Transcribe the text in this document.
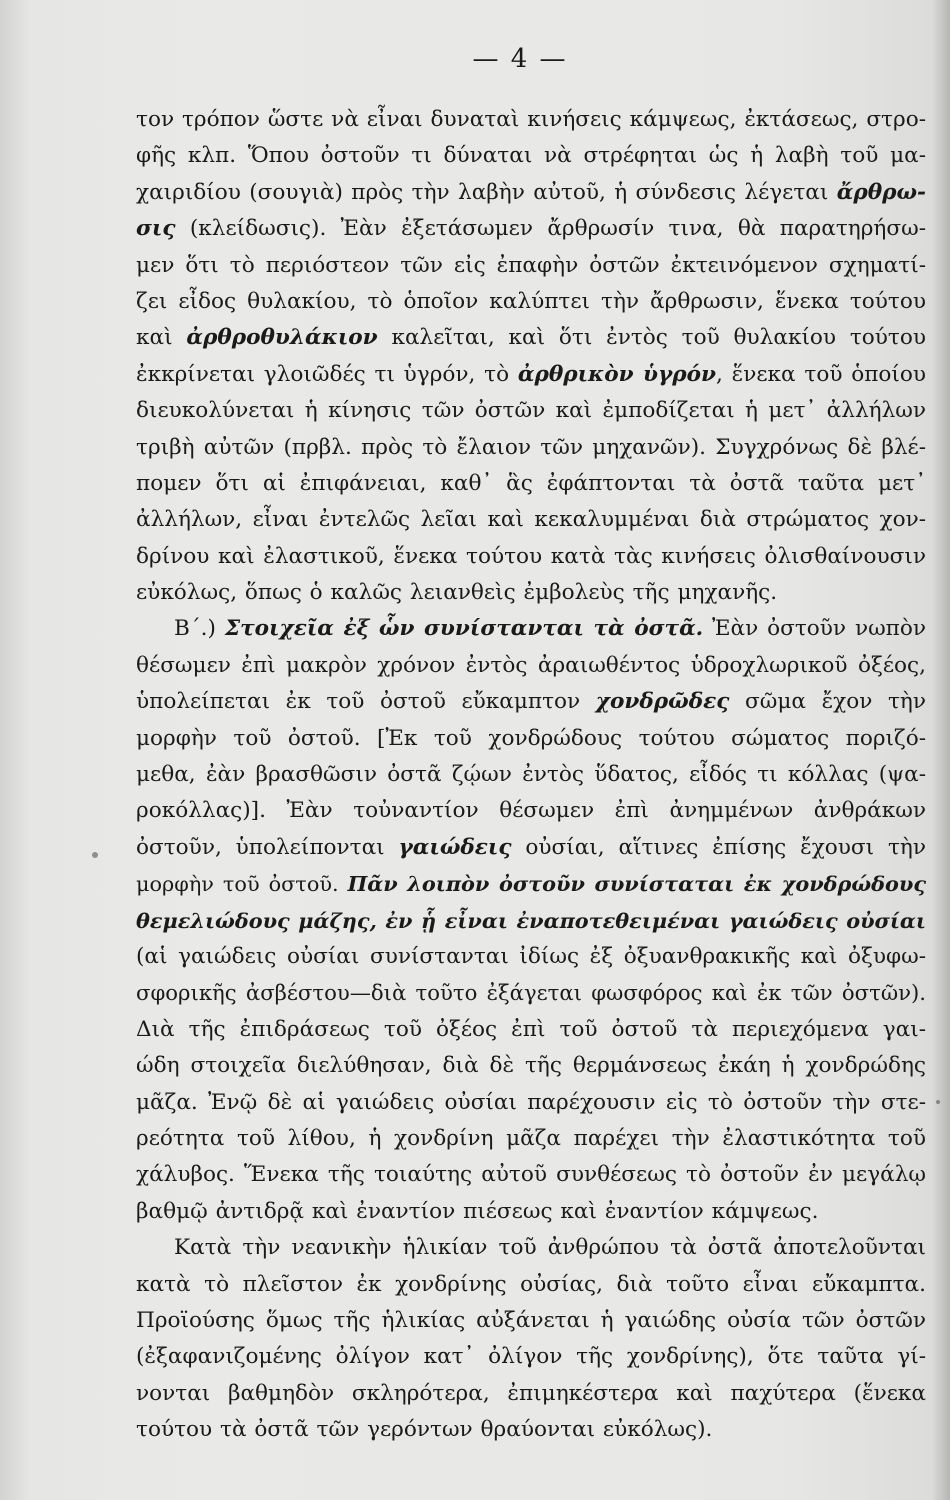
— 4 —
τον τρόπον ὥστε νὰ εἶναι δυναταὶ κινήσεις κάμψεως, ἐκτάσεως, στρο-
φῆς κλπ. Ὅπου ὀστοῦν τι δύναται νὰ στρέφηται ὡς ἡ λαβὴ τοῦ μα-
χαιριδίου (σουγιὰ) πρὸς τὴν λαβὴν αὐτοῦ, ἡ σύνδεσις λέγεται ἄρθρω-
σις (κλείδωσις). Ἐὰν ἐξετάσωμεν ἄρθρωσίν τινα, θὰ παρατηρήσω-
μεν ὅτι τὸ περιόστεον τῶν εἰς ἐπαφὴν ὀστῶν ἐκτεινόμενον σχηματί-
ζει εἶδος θυλακίου, τὸ ὁποῖον καλύπτει τὴν ἄρθρωσιν, ἕνεκα τούτου
καὶ ἀρθροθυλάκιον καλεῖται, καὶ ὅτι ἐντὸς τοῦ θυλακίου τούτου
ἐκκρίνεται γλοιῶδές τι ὑγρόν, τὸ ἀρθρικὸν ὑγρόν, ἕνεκα τοῦ ὁποίου
διευκολύνεται ἡ κίνησις τῶν ὀστῶν καὶ ἐμποδίζεται ἡ μετ᾽ ἀλλήλων
τριβὴ αὐτῶν (πρβλ. πρὸς τὸ ἔλαιον τῶν μηχανῶν). Συγχρόνως δὲ βλέ-
πομεν ὅτι αἱ ἐπιφάνειαι, καθ᾽ ἃς ἐφάπτονται τὰ ὀστᾶ ταῦτα μετ᾽
ἀλλήλων, εἶναι ἐντελῶς λεῖαι καὶ κεκαλυμμέναι διὰ στρώματος χον-
δρίνου καὶ ἐλαστικοῦ, ἕνεκα τούτου κατὰ τὰς κινήσεις ὀλισθαίνουσιν
εὐκόλως, ὅπως ὁ καλῶς λειανθεὶς ἐμβολεὺς τῆς μηχανῆς.
Β΄.) Στοιχεῖα ἐξ ὧν συνίστανται τὰ ὀστᾶ. Ἐὰν ὀστοῦν νωπὸν
θέσωμεν ἐπὶ μακρὸν χρόνον ἐντὸς ἀραιωθέντος ὑδροχλωρικοῦ ὀξέος,
ὑπολείπεται ἐκ τοῦ ὀστοῦ εὔκαμπτον χονδρῶδες σῶμα ἔχον τὴν
μορφὴν τοῦ ὀστοῦ. [Ἐκ τοῦ χονδρώδους τούτου σώματος ποριζό-
μεθα, ἐὰν βρασθῶσιν ὀστᾶ ζῴων ἐντὸς ὕδατος, εἶδός τι κόλλας (ψα-
ροκόλλας)]. Ἐὰν τοὐναντίον θέσωμεν ἐπὶ ἀνημμένων ἀνθράκων
ὀστοῦν, ὑπολείπονται γαιώδεις οὐσίαι, αἵτινες ἐπίσης ἔχουσι τὴν
μορφὴν τοῦ ὀστοῦ. Πᾶν λοιπὸν ὀστοῦν συνίσταται ἐκ χονδρώδους
θεμελιώδους μάζης, ἐν ᾗ εἶναι ἐναποτεθειμέναι γαιώδεις οὐσίαι
(αἱ γαιώδεις οὐσίαι συνίστανται ἰδίως ἐξ ὀξυανθρακικῆς καὶ ὀξυφω-
σφορικῆς ἀσβέστου—διὰ τοῦτο ἐξάγεται φωσφόρος καὶ ἐκ τῶν ὀστῶν).
Διὰ τῆς ἐπιδράσεως τοῦ ὀξέος ἐπὶ τοῦ ὀστοῦ τὰ περιεχόμενα γαι-
ώδη στοιχεῖα διελύθησαν, διὰ δὲ τῆς θερμάνσεως ἐκάη ἡ χονδρώδης
μᾶζα. Ἐνῷ δὲ αἱ γαιώδεις οὐσίαι παρέχουσιν εἰς τὸ ὀστοῦν τὴν στε-
ρεότητα τοῦ λίθου, ἡ χονδρίνη μᾶζα παρέχει τὴν ἐλαστικότητα τοῦ
χάλυβος. Ἕνεκα τῆς τοιαύτης αὐτοῦ συνθέσεως τὸ ὀστοῦν ἐν μεγάλῳ
βαθμῷ ἀντιδρᾷ καὶ ἐναντίον πιέσεως καὶ ἐναντίον κάμψεως.
Κατὰ τὴν νεανικὴν ἡλικίαν τοῦ ἀνθρώπου τὰ ὀστᾶ ἀποτελοῦνται
κατὰ τὸ πλεῖστον ἐκ χονδρίνης οὐσίας, διὰ τοῦτο εἶναι εὔκαμπτα.
Προϊούσης ὅμως τῆς ἡλικίας αὐξάνεται ἡ γαιώδης οὐσία τῶν ὀστῶν
(ἐξαφανιζομένης ὀλίγον κατ᾽ ὀλίγον τῆς χονδρίνης), ὅτε ταῦτα γί-
νονται βαθμηδὸν σκληρότερα, ἐπιμηκέστερα καὶ παχύτερα (ἕνεκα
τούτου τὰ ὀστᾶ τῶν γερόντων θραύονται εὐκόλως).
